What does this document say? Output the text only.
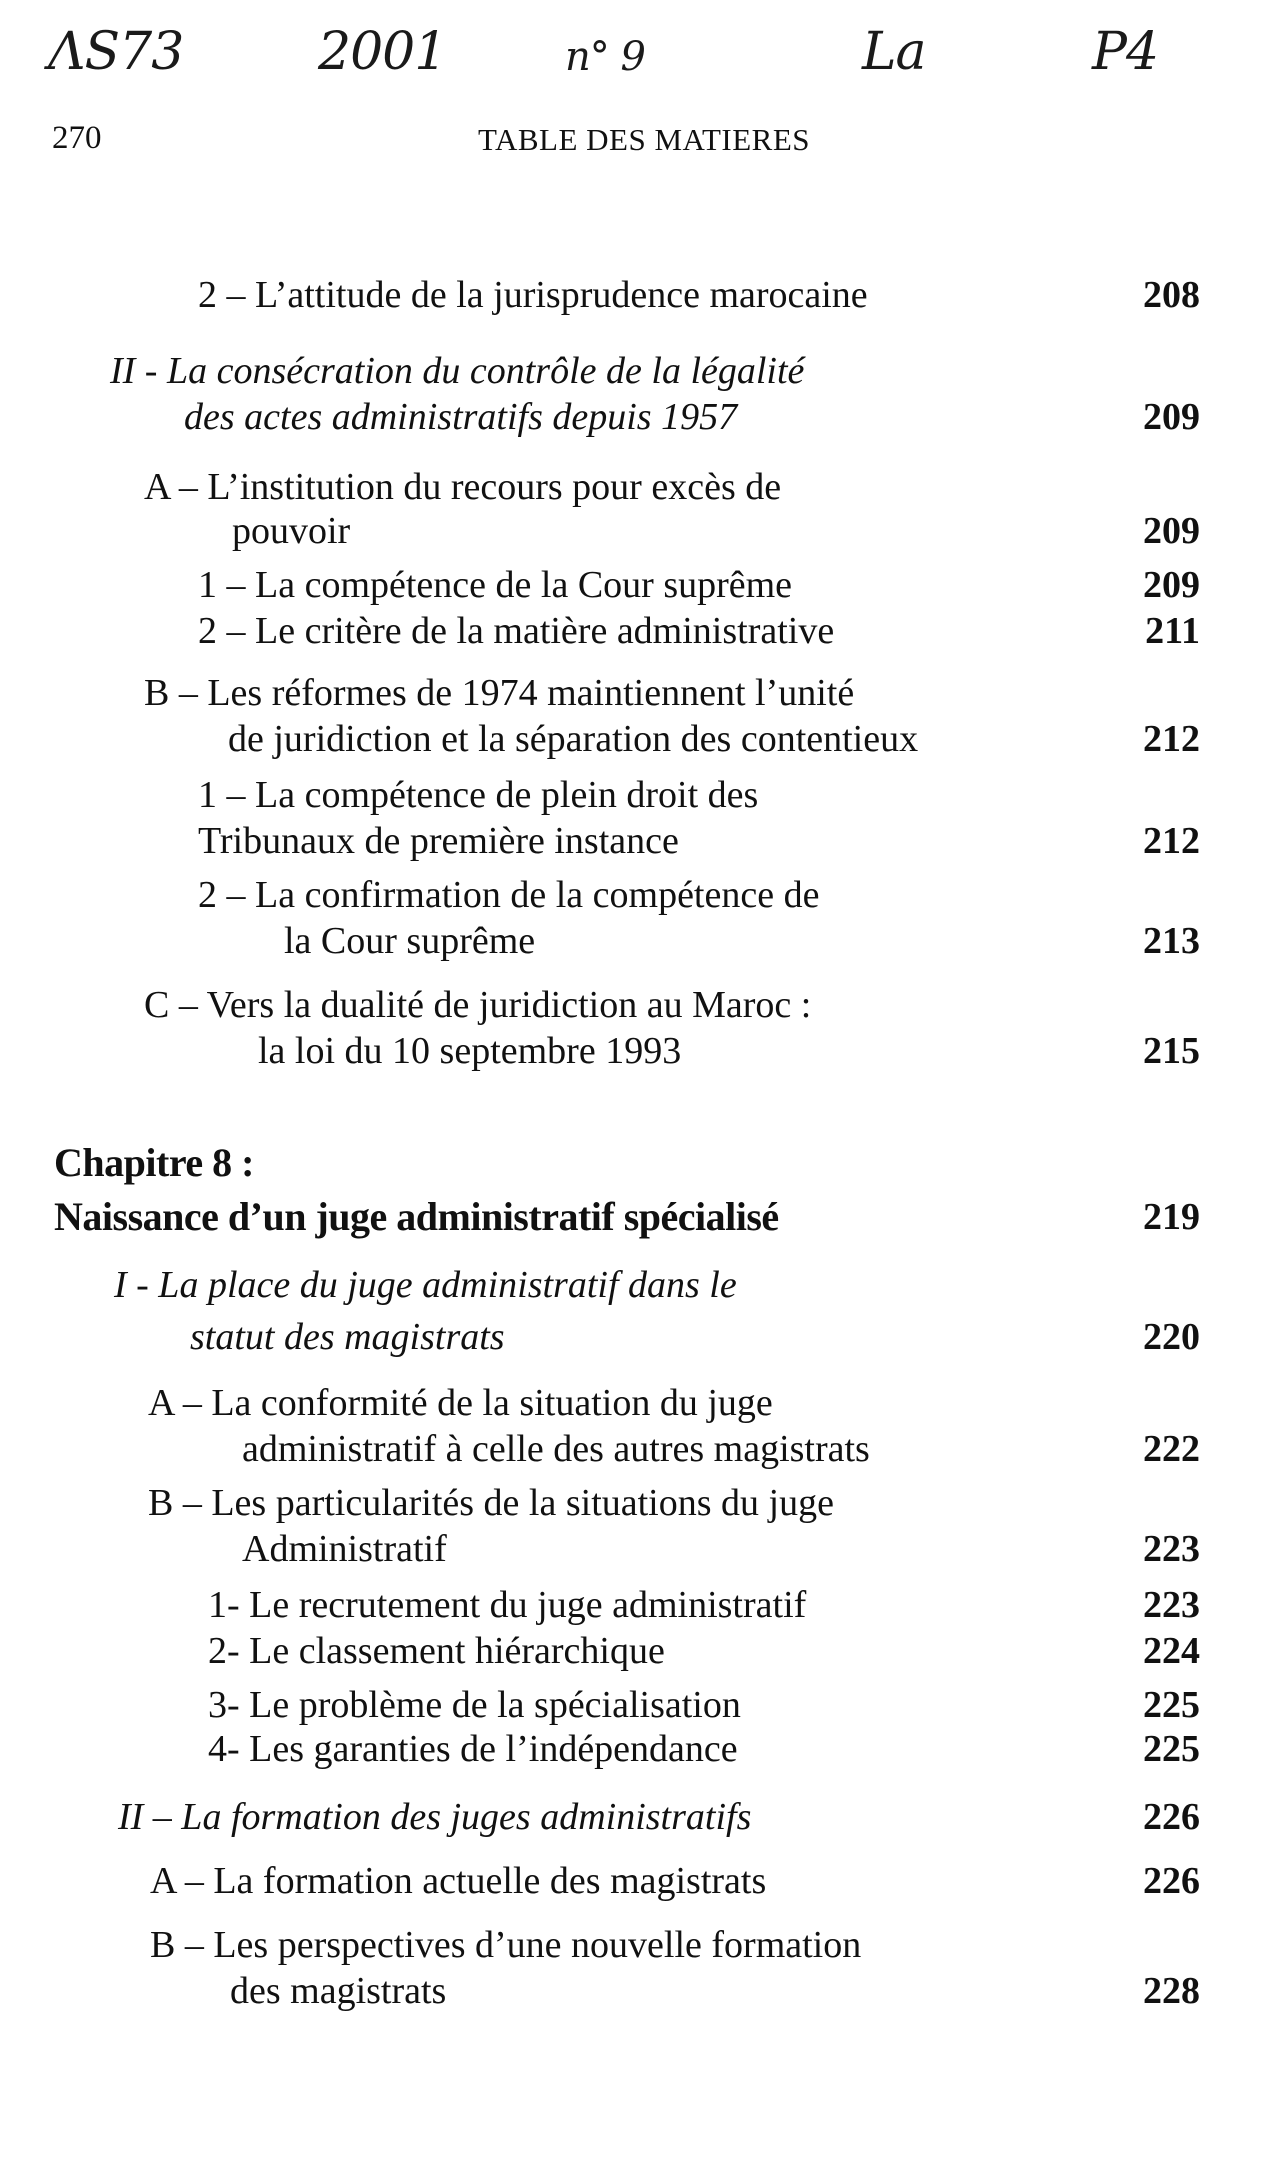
ΛS73	2001	n° 9	La	P4
270	TABLE DES MATIERES
2 – L’attitude de la jurisprudence marocaine	208
II - La consécration du contrôle de la légalité
des actes administratifs depuis 1957	209
A – L’institution du recours pour excès de
pouvoir	209
1 – La compétence de la Cour suprême	209
2 – Le critère de la matière administrative	211
B – Les réformes de 1974 maintiennent l’unité
de juridiction et la séparation des contentieux	212
1 – La compétence de plein droit des
Tribunaux de première instance	212
2 – La confirmation de la compétence de
la Cour suprême	213
C – Vers la dualité de juridiction au Maroc :
la loi du 10 septembre 1993	215
Chapitre 8 :
Naissance d’un juge administratif spécialisé	219
I - La place du juge administratif dans le
statut des magistrats	220
A – La conformité de la situation du juge
administratif à celle des autres magistrats	222
B – Les particularités de la situations du juge
Administratif	223
1- Le recrutement du juge administratif	223
2- Le classement hiérarchique	224
3- Le problème de la spécialisation	225
4- Les garanties de l’indépendance	225
II – La formation des juges administratifs	226
A – La formation actuelle des magistrats	226
B – Les perspectives d’une nouvelle formation
des magistrats	228
